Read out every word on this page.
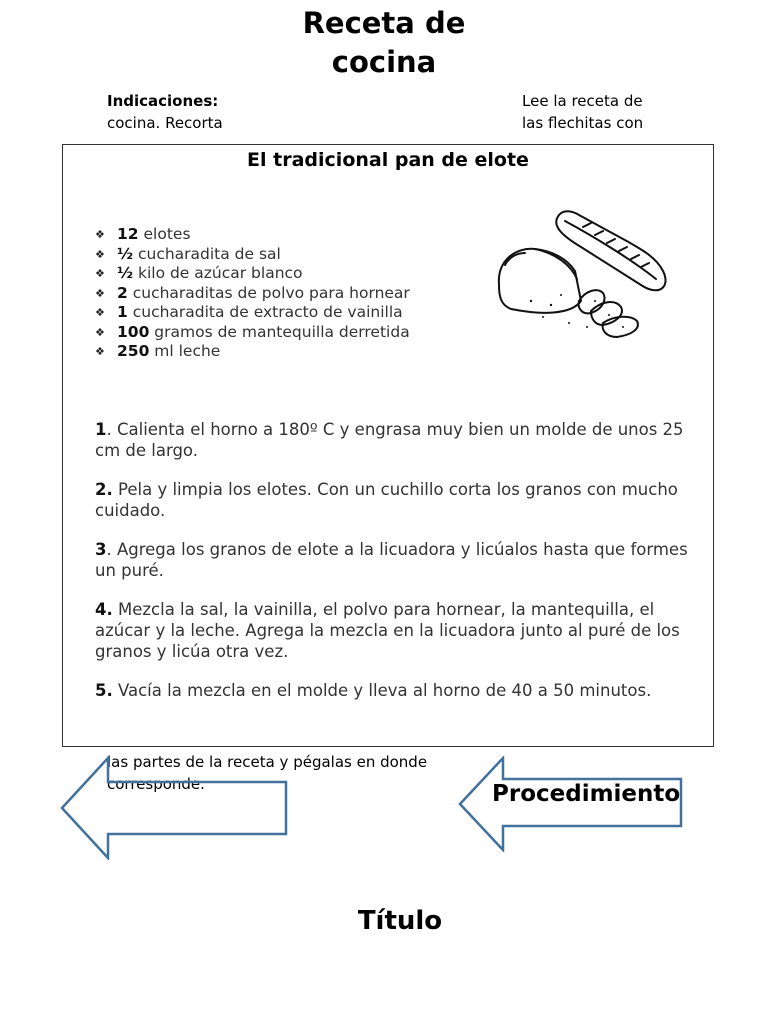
Receta de
cocina
Indicaciones:
cocina. Recorta
Lee la receta de
las flechitas con
las partes de la receta y pégalas en donde
corresponde.
El tradicional pan de elote
❖ 12 elotes
❖ ½ cucharadita de sal
❖ ½ kilo de azúcar blanco
❖ 2 cucharaditas de polvo para hornear
❖ 1 cucharadita de extracto de vainilla
❖ 100 gramos de mantequilla derretida
❖ 250 ml leche

1. Calienta el horno a 180º C y engrasa muy bien un molde de unos 25 cm de largo.

2. Pela y limpia los elotes. Con un cuchillo corta los granos con mucho cuidado.

3. Agrega los granos de elote a la licuadora y licúalos hasta que formes un puré.

4. Mezcla la sal, la vainilla, el polvo para hornear, la mantequilla, el azúcar y la leche. Agrega la mezcla en la licuadora junto al puré de los granos y licúa otra vez.

5. Vacía la mezcla en el molde y lleva al horno de 40 a 50 minutos.

Procedimiento
Título
